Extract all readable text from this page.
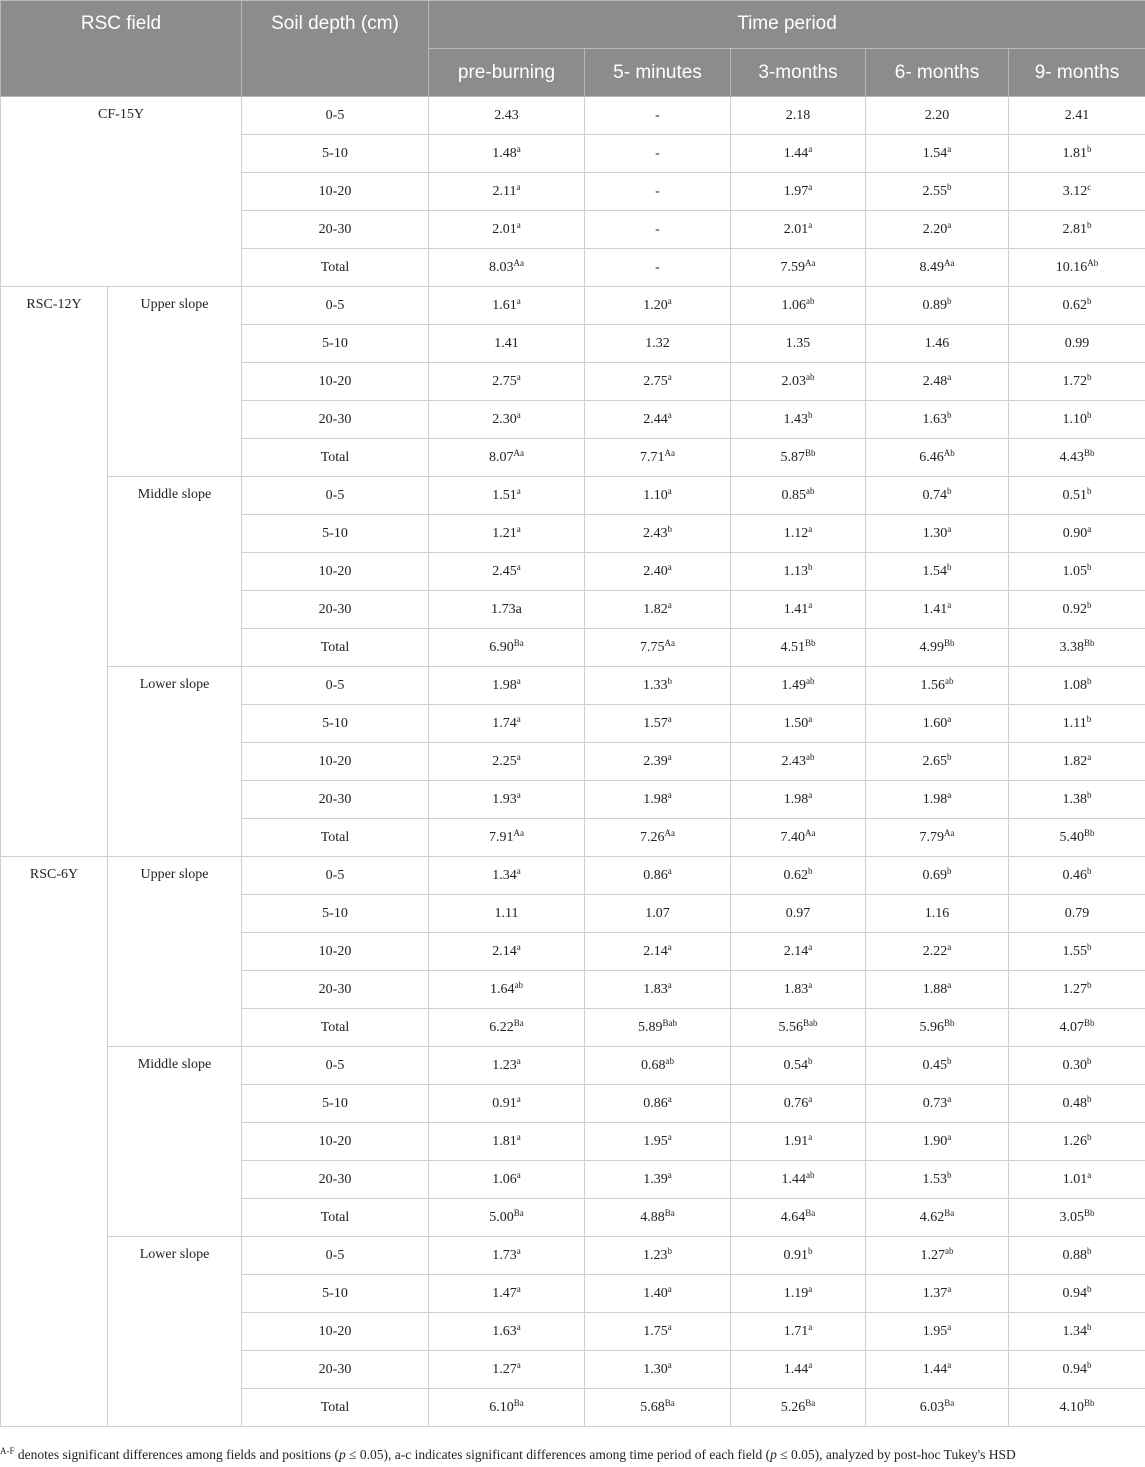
RSC field		Soil depth (cm)	Time period				
			pre-burning	5- minutes	3-months	6- months	9- months
CF-15Y		0-5	2.43	-	2.18	2.20	2.41
		5-10	1.48$^a$	-	1.44$^a$	1.54$^a$	1.81$^b$
		10-20	2.11$^a$	-	1.97$^a$	2.55$^b$	3.12$^c$
		20-30	2.01$^a$	-	2.01$^a$	2.20$^a$	2.81$^b$
		Total	$8.03^{Aa}$	-	$7.59^{Aa}$	$8.49^{Aa}$	$10.16^{Ab}$
RSC-12Y	Upper slope	0-5	1.61$^a$	1.20$^a$	1.06$^{ab}$	0.89$^b$	0.62$^b$
		5-10	1.41	1.32	1.35	1.46	0.99
		10-20	2.75$^a$	2.75$^a$	2.03$^{ab}$	2.48$^a$	1.72$^b$
		20-30	2.30$^a$	2.44$^a$	1.43$^b$	1.63$^b$	1.10$^b$
		Total	$8.07^{Aa}$	$7.71^{Aa}$	$5.87^{Bb}$	$6.46^{Ab}$	$4.43^{Bb}$
	Middle slope	0-5	1.51$^a$	1.10$^a$	0.85$^{ab}$	0.74$^b$	0.51$^b$
		5-10	1.21$^a$	2.43$^b$	1.12$^a$	1.30$^a$	0.90$^a$
		10-20	2.45$^a$	2.40$^a$	1.13$^b$	1.54$^b$	1.05$^b$
		20-30	1.73a	1.82$^a$	1.41$^a$	1.41$^a$	0.92$^b$
		Total	$6.90^{Ba}$	$7.75^{Aa}$	$4.51^{Bb}$	$4.99^{Bb}$	$3.38^{Bb}$
	Lower slope	0-5	1.98$^a$	1.33$^b$	1.49$^{ab}$	1.56$^{ab}$	1.08$^b$
		5-10	1.74$^a$	1.57$^a$	1.50$^a$	1.60$^a$	1.11$^b$
		10-20	2.25$^a$	2.39$^a$	2.43$^{ab}$	2.65$^b$	1.82$^a$
		20-30	1.93$^a$	1.98$^a$	1.98$^a$	1.98$^a$	1.38$^b$
		Total	$7.91^{Aa}$	$7.26^{Aa}$	$7.40^{Aa}$	$7.79^{Aa}$	$5.40^{Bb}$
RSC-6Y	Upper slope	0-5	1.34$^a$	0.86$^a$	0.62$^b$	0.69$^b$	0.46$^b$
		5-10	1.11	1.07	0.97	1.16	0.79
		10-20	2.14$^a$	2.14$^a$	2.14$^a$	2.22$^a$	1.55$^b$
		20-30	1.64$^{ab}$	1.83$^a$	1.83$^a$	1.88$^a$	1.27$^b$
		Total	$6.22^{Ba}$	$5.89^{Bab}$	$5.56^{Bab}$	$5.96^{Bb}$	$4.07^{Bb}$
	Middle slope	0-5	1.23$^a$	0.68$^{ab}$	0.54$^b$	0.45$^b$	0.30$^b$
		5-10	0.91$^a$	0.86$^a$	0.76$^a$	0.73$^a$	0.48$^b$
		10-20	1.81$^a$	1.95$^a$	1.91$^a$	1.90$^a$	1.26$^b$
		20-30	1.06$^a$	1.39$^a$	1.44$^{ab}$	1.53$^b$	1.01$^a$
		Total	$5.00^{Ba}$	$4.88^{Ba}$	$4.64^{Ba}$	$4.62^{Ba}$	$3.05^{Bb}$
	Lower slope	0-5	1.73$^a$	1.23$^b$	0.91$^b$	1.27$^{ab}$	0.88$^b$
		5-10	1.47$^a$	1.40$^a$	1.19$^a$	1.37$^a$	0.94$^b$
		10-20	1.63$^a$	1.75$^a$	1.71$^a$	1.95$^a$	1.34$^b$
		20-30	1.27$^a$	1.30$^a$	1.44$^a$	1.44$^a$	0.94$^b$
		Total	$6.10^{Ba}$	$5.68^{Ba}$	$5.26^{Ba}$	$6.03^{Ba}$	$4.10^{Bb}$
$^{A-F}$ denotes significant differences among fields and positions (p ≤ 0.05), a-c indicates significant differences among time period of each field (p ≤ 0.05), analyzed by post-hoc Tukey's HSD
